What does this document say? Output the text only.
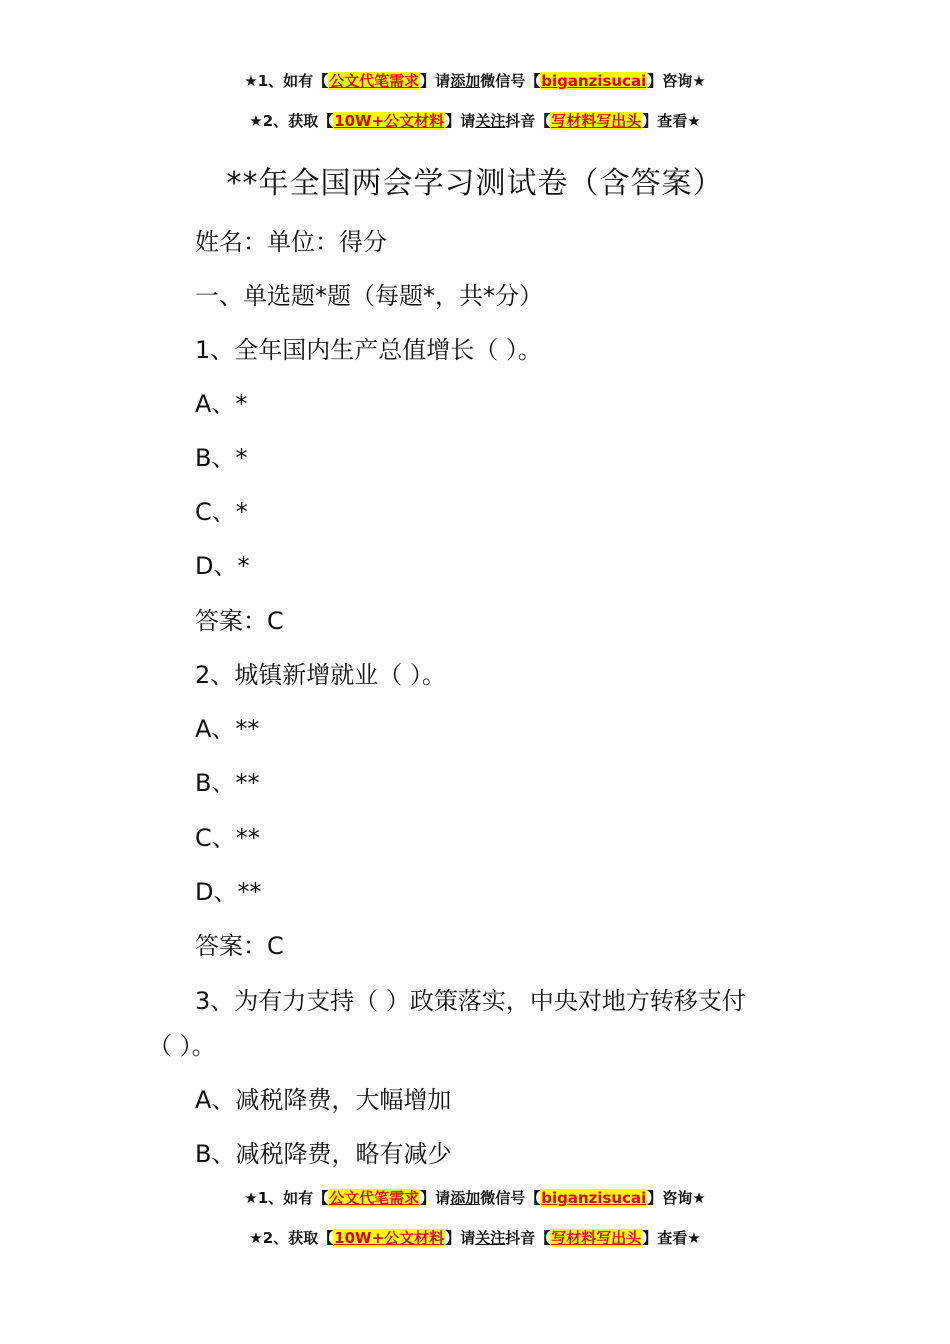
★1、如有【公文代笔需求】请添加微信号【biganzisucai】咨询★
★2、获取【10W+公文材料】请关注抖音【写材料写出头】查看★
**年全国两会学习测试卷（含答案）
姓名：单位：得分
一、单选题*题（每题*，共*分）
1、全年国内生产总值增长（ ）。
A、*
B、*
C、*
D、*
答案：C
2、城镇新增就业（ ）。
A、**
B、**
C、**
D、**
答案：C
3、为有力支持（ ）政策落实，中央对地方转移支付
（ ）。
A、减税降费，大幅增加
B、减税降费，略有减少
★1、如有【公文代笔需求】请添加微信号【biganzisucai】咨询★
★2、获取【10W+公文材料】请关注抖音【写材料写出头】查看★
